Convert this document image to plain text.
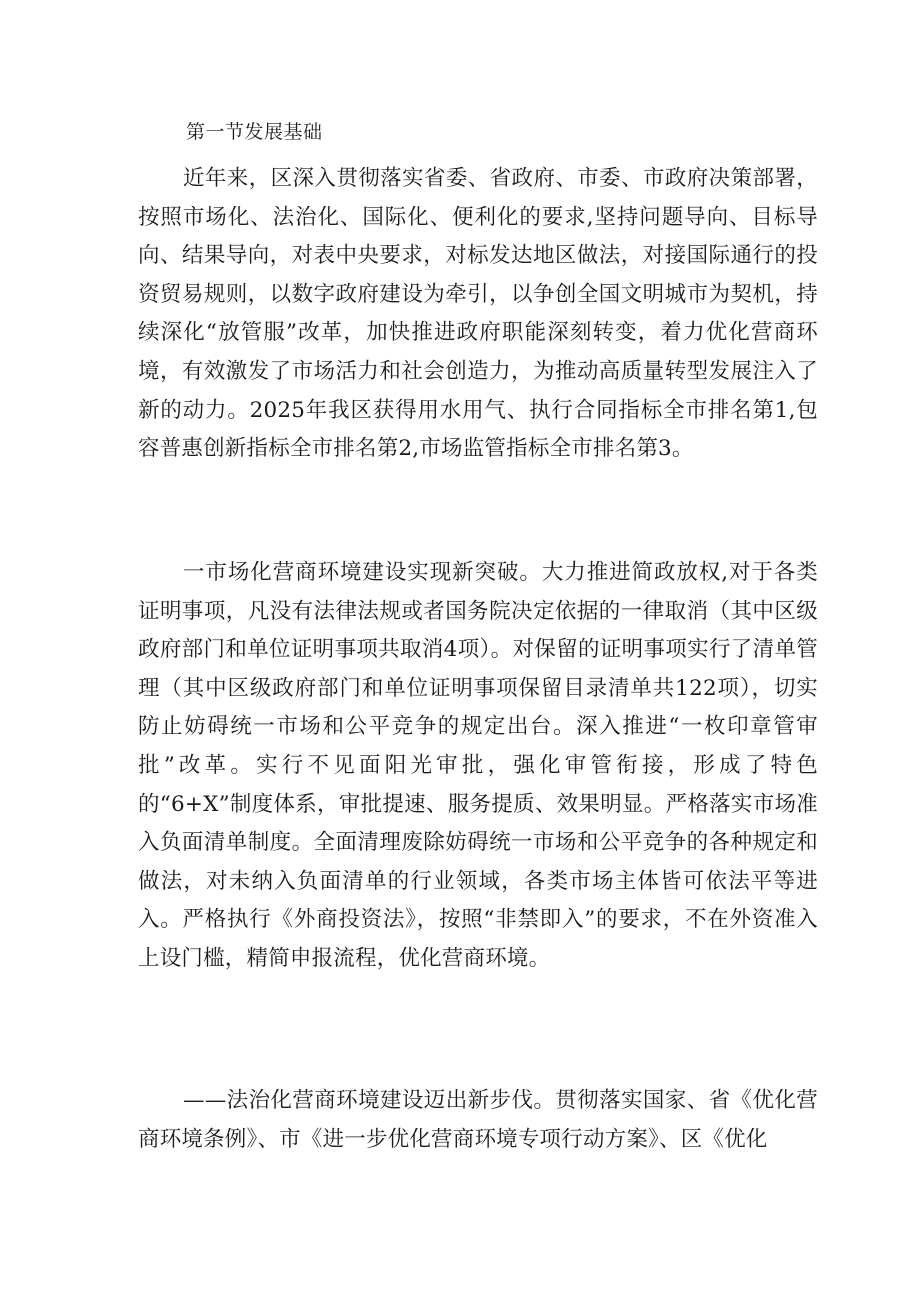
第一节发展基础

近年来，区深入贯彻落实省委、省政府、市委、市政府决策部署，按照市场化、法治化、国际化、便利化的要求,坚持问题导向、目标导向、结果导向，对表中央要求，对标发达地区做法，对接国际通行的投资贸易规则，以数字政府建设为牵引，以争创全国文明城市为契机，持续深化“放管服”改革，加快推进政府职能深刻转变，着力优化营商环境，有效激发了市场活力和社会创造力，为推动高质量转型发展注入了新的动力。2025年我区获得用水用气、执行合同指标全市排名第1,包容普惠创新指标全市排名第2,市场监管指标全市排名第3。

一市场化营商环境建设实现新突破。大力推进简政放权,对于各类证明事项，凡没有法律法规或者国务院决定依据的一律取消（其中区级政府部门和单位证明事项共取消4项）。对保留的证明事项实行了清单管理（其中区级政府部门和单位证明事项保留目录清单共122项），切实防止妨碍统一市场和公平竞争的规定出台。深入推进“一枚印章管审批”改革。实行不见面阳光审批，强化审管衔接，形成了特色的“6+X”制度体系，审批提速、服务提质、效果明显。严格落实市场准入负面清单制度。全面清理废除妨碍统一市场和公平竞争的各种规定和做法，对未纳入负面清单的行业领域，各类市场主体皆可依法平等进入。严格执行《外商投资法》，按照“非禁即入”的要求，不在外资准入上设门槛，精简申报流程，优化营商环境。

——法治化营商环境建设迈出新步伐。贯彻落实国家、省《优化营商环境条例》、市《进一步优化营商环境专项行动方案》、区《优化
